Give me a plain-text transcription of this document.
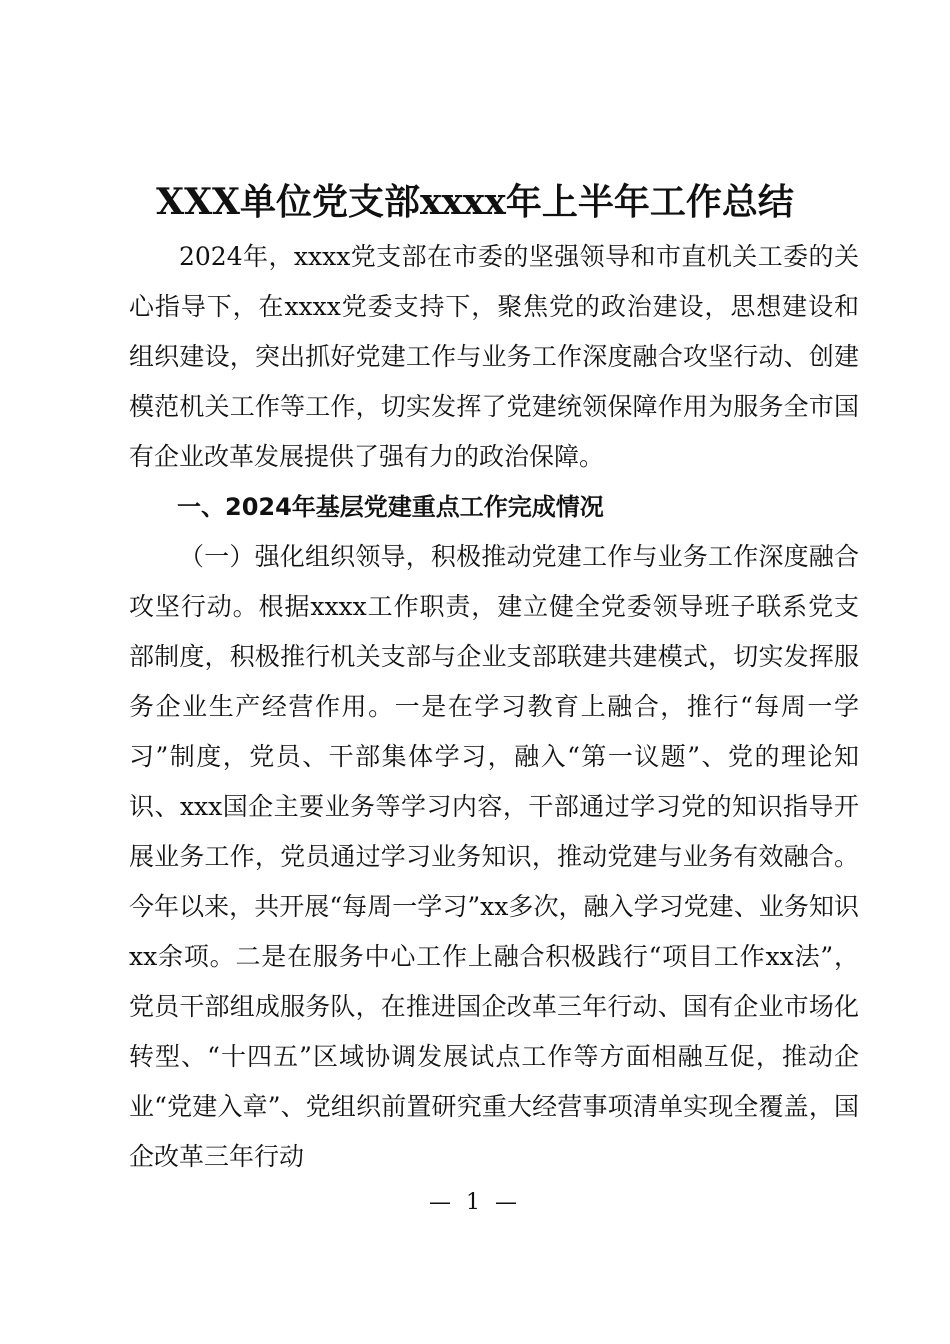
XXX单位党支部xxxx年上半年工作总结

2024年，xxxx党支部在市委的坚强领导和市直机关工委的关心指导下，在xxxx党委支持下，聚焦党的政治建设，思想建设和组织建设，突出抓好党建工作与业务工作深度融合攻坚行动、创建模范机关工作等工作，切实发挥了党建统领保障作用为服务全市国有企业改革发展提供了强有力的政治保障。

一、2024年基层党建重点工作完成情况

（一）强化组织领导，积极推动党建工作与业务工作深度融合攻坚行动。根据xxxx工作职责，建立健全党委领导班子联系党支部制度，积极推行机关支部与企业支部联建共建模式，切实发挥服务企业生产经营作用。一是在学习教育上融合，推行“每周一学习”制度，党员、干部集体学习，融入“第一议题”、党的理论知识、xxx国企主要业务等学习内容，干部通过学习党的知识指导开展业务工作，党员通过学习业务知识，推动党建与业务有效融合。今年以来，共开展“每周一学习”xx多次，融入学习党建、业务知识xx余项。二是在服务中心工作上融合积极践行“项目工作xx法”，党员干部组成服务队，在推进国企改革三年行动、国有企业市场化转型、“十四五”区域协调发展试点工作等方面相融互促，推动企业“党建入章”、党组织前置研究重大经营事项清单实现全覆盖，国企改革三年行动

— 1 —
